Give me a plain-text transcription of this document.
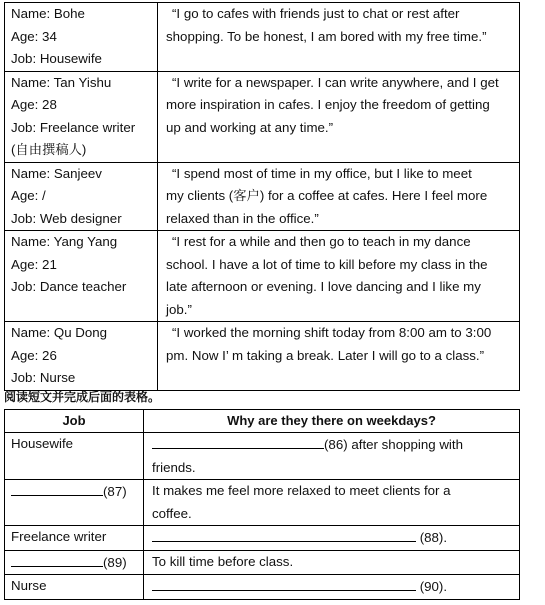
Name: Bohe
Age: 34
Job: Housewife	“I go to cafes with friends just to chat or rest after
shopping. To be honest, I am bored with my free time.”

Name: Tan Yishu
Age: 28
Job: Freelance writer
(自由撰稿人)	“I write for a newspaper. I can write anywhere, and I get
more inspiration in cafes. I enjoy the freedom of getting
up and working at any time.”

Name: Sanjeev
Age: /
Job: Web designer	“I spend most of time in my office, but I like to meet
my clients (客户) for a coffee at cafes. Here I feel more
relaxed than in the office.”

Name: Yang Yang
Age: 21
Job: Dance teacher	“I rest for a while and then go to teach in my dance
school. I have a lot of time to kill before my class in the
late afternoon or evening. I love dancing and I like my
job.”

Name: Qu Dong
Age: 26
Job: Nurse	“I worked the morning shift today from 8:00 am to 3:00
pm. Now I’ m taking a break. Later I will go to a class.”
阅读短文并完成后面的表格。
Job	Why are they there on weekdays?
Housewife	(86) after shopping with
friends.

(87)	It makes me feel more relaxed to meet clients for a
coffee.

Freelance writer	(88).

(89)	To kill time before class.

Nurse	(90).
